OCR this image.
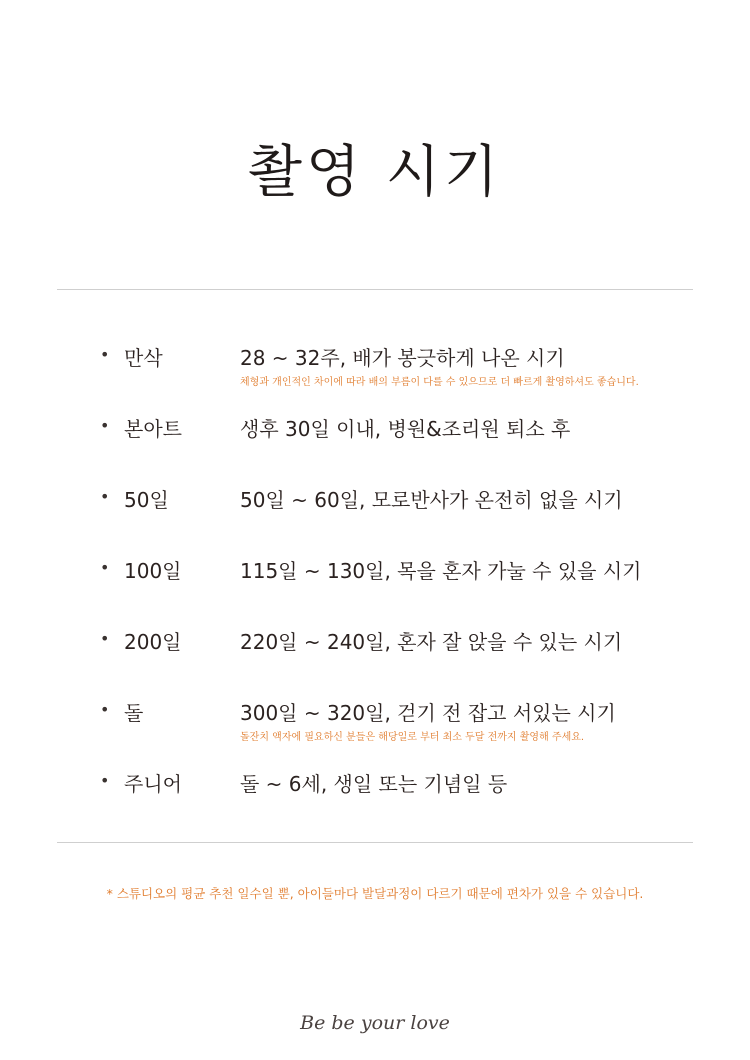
촬영 시기
• 만삭	28 ~ 32주, 배가 봉긋하게 나온 시기
체형과 개인적인 차이에 따라 배의 부름이 다를 수 있으므로 더 빠르게 촬영하셔도 좋습니다.
• 본아트	생후 30일 이내, 병원&조리원 퇴소 후
• 50일	50일 ~ 60일, 모로반사가 온전히 없을 시기
• 100일	115일 ~ 130일, 목을 혼자 가눌 수 있을 시기
• 200일	220일 ~ 240일, 혼자 잘 앉을 수 있는 시기
• 돌	300일 ~ 320일, 걷기 전 잡고 서있는 시기
돌잔치 액자에 필요하신 분들은 해당일로 부터 최소 두달 전까지 촬영해 주세요.
• 주니어	돌 ~ 6세, 생일 또는 기념일 등
* 스튜디오의 평균 추천 일수일 뿐, 아이들마다 발달과정이 다르기 때문에 편차가 있을 수 있습니다.
Be be your love
